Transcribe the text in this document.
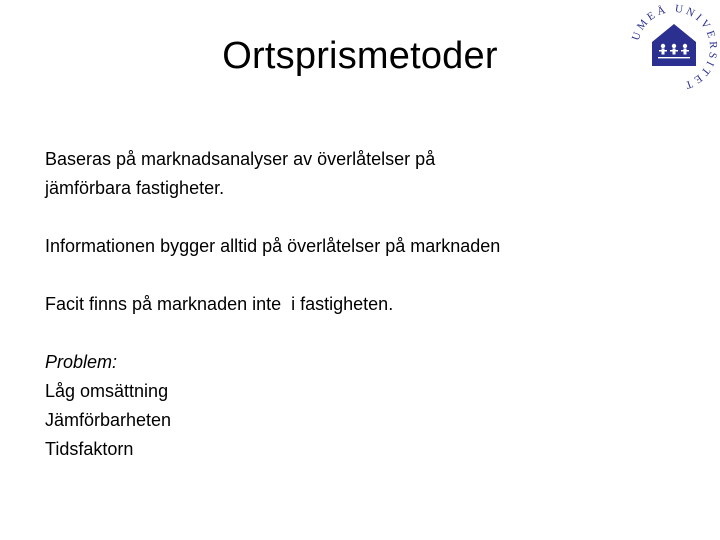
Ortsprismetoder
UMEÅ UNIVERSITET

Baseras på marknadsanalyser av överlåtelser på

jämförbara fastigheter.

Informationen bygger alltid på överlåtelser på marknaden

Facit finns på marknaden inte  i fastigheten.

Problem:

Låg omsättning

Jämförbarheten

Tidsfaktorn
